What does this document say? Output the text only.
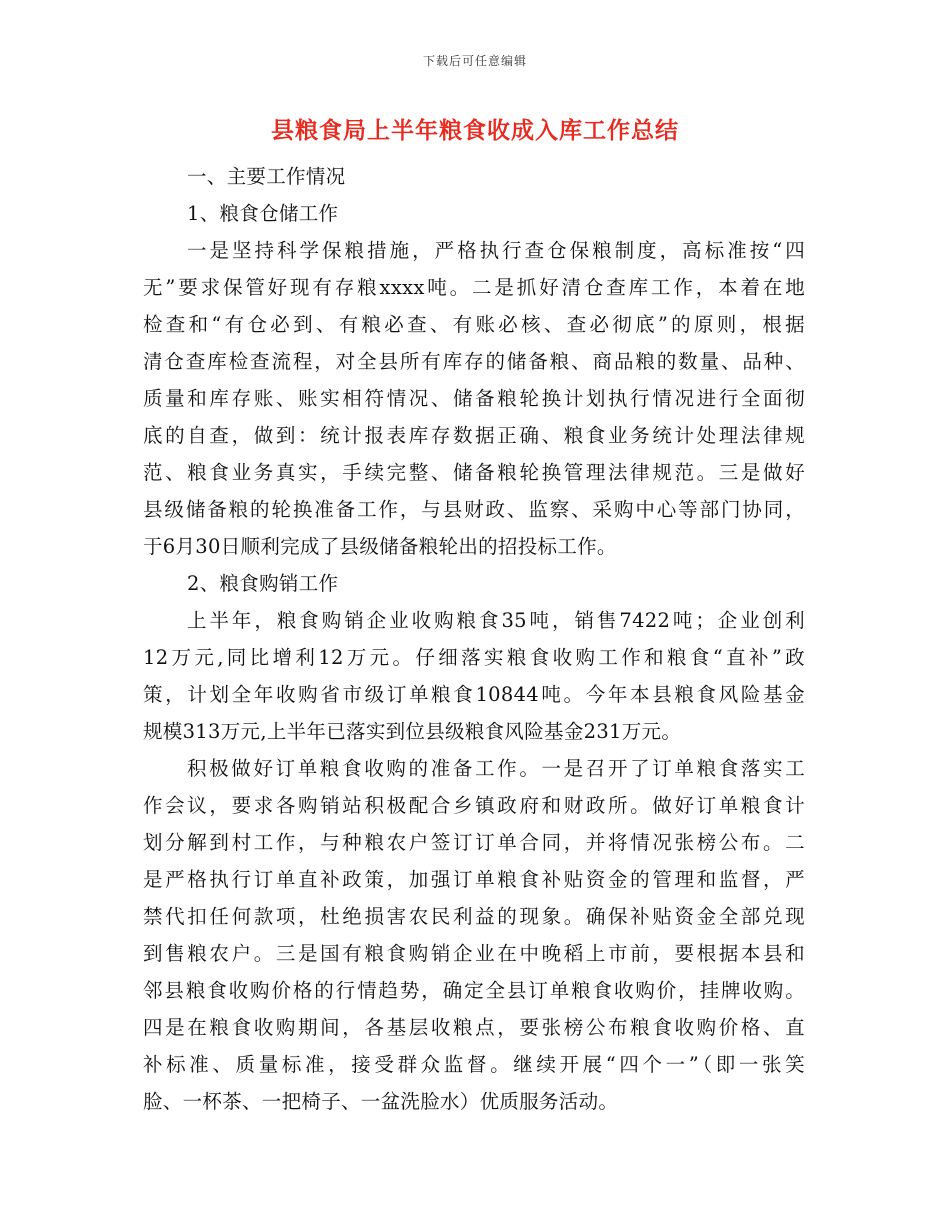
下载后可任意编辑
县粮食局上半年粮食收成入库工作总结
一、主要工作情况
1、粮食仓储工作
一是坚持科学保粮措施，严格执行查仓保粮制度，高标准按“四
无”要求保管好现有存粮xxxx吨。二是抓好清仓查库工作，本着在地
检查和“有仓必到、有粮必查、有账必核、查必彻底”的原则，根据
清仓查库检查流程，对全县所有库存的储备粮、商品粮的数量、品种、
质量和库存账、账实相符情况、储备粮轮换计划执行情况进行全面彻
底的自查，做到：统计报表库存数据正确、粮食业务统计处理法律规
范、粮食业务真实，手续完整、储备粮轮换管理法律规范。三是做好
县级储备粮的轮换准备工作，与县财政、监察、采购中心等部门协同，
于6月30日顺利完成了县级储备粮轮出的招投标工作。
2、粮食购销工作
上半年，粮食购销企业收购粮食35吨，销售7422吨；企业创利
12万元,同比增利12万元。仔细落实粮食收购工作和粮食“直补”政
策，计划全年收购省市级订单粮食10844吨。今年本县粮食风险基金
规模313万元,上半年已落实到位县级粮食风险基金231万元。
积极做好订单粮食收购的准备工作。一是召开了订单粮食落实工
作会议，要求各购销站积极配合乡镇政府和财政所。做好订单粮食计
划分解到村工作，与种粮农户签订订单合同，并将情况张榜公布。二
是严格执行订单直补政策，加强订单粮食补贴资金的管理和监督，严
禁代扣任何款项，杜绝损害农民利益的现象。确保补贴资金全部兑现
到售粮农户。三是国有粮食购销企业在中晚稻上市前，要根据本县和
邻县粮食收购价格的行情趋势，确定全县订单粮食收购价，挂牌收购。
四是在粮食收购期间，各基层收粮点，要张榜公布粮食收购价格、直
补标准、质量标准，接受群众监督。继续开展“四个一”（即一张笑
脸、一杯茶、一把椅子、一盆洗脸水）优质服务活动。
